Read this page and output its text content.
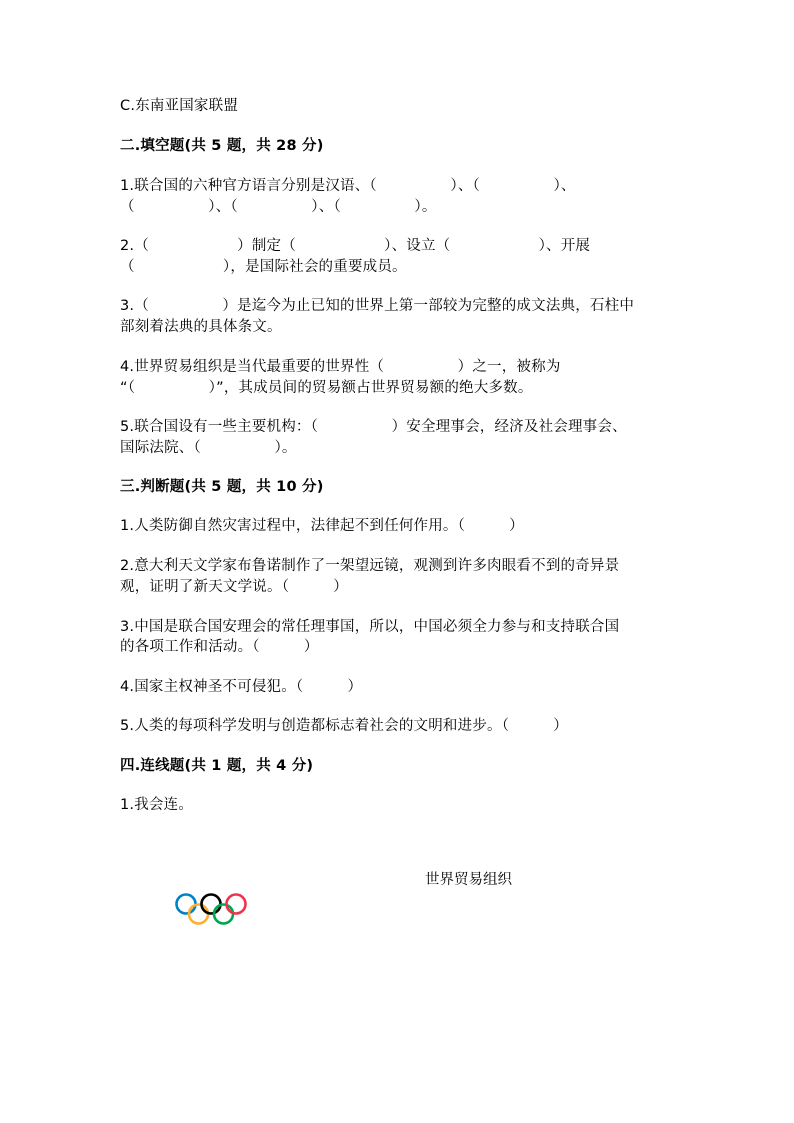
C.东南亚国家联盟
二.填空题(共 5 题，共 28 分)
1.联合国的六种官方语言分别是汉语、（　　　　　）、（　　　　　）、
（　　　　　）、（　　　　　）、（　　　　　）。
2.（　　　　　　）制定（　　　　　　）、设立（　　　　　　）、开展
（　　　　　　），是国际社会的重要成员。
3.（　　　　　）是迄今为止已知的世界上第一部较为完整的成文法典，石柱中
部刻着法典的具体条文。
4.世界贸易组织是当代最重要的世界性（　　　　　）之一，被称为
“（　　　　　）”，其成员间的贸易额占世界贸易额的绝大多数。
5.联合国设有一些主要机构：（　　　　　）安全理事会，经济及社会理事会、
国际法院、（　　　　　）。
三.判断题(共 5 题，共 10 分)
1.人类防御自然灾害过程中，法律起不到任何作用。（　　　）
2.意大利天文学家布鲁诺制作了一架望远镜，观测到许多肉眼看不到的奇异景
观，证明了新天文学说。（　　　）
3.中国是联合国安理会的常任理事国，所以，中国必须全力参与和支持联合国
的各项工作和活动。（　　　）
4.国家主权神圣不可侵犯。（　　　）
5.人类的每项科学发明与创造都标志着社会的文明和进步。（　　　）
四.连线题(共 1 题，共 4 分)
1.我会连。
世界贸易组织
